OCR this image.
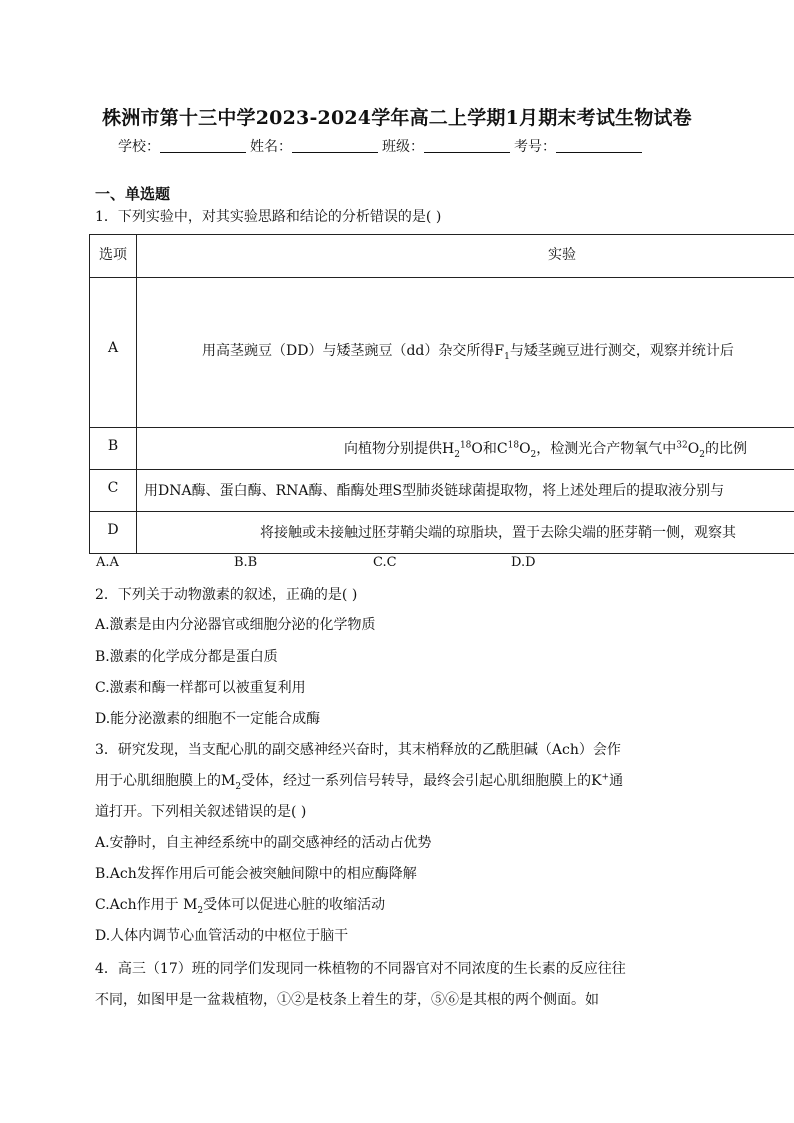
株洲市第十三中学2023-2024学年高二上学期1月期末考试生物试卷
学校：	姓名：	班级：	考号：
一、单选题
1．下列实验中，对其实验思路和结论的分析错误的是( )
选项	实验
A	用高茎豌豆（DD）与矮茎豌豆（dd）杂交所得$F_1$与矮茎豌豆进行测交，观察并统计后
B	向植物分别提供$H_2^{18}O$和$C^{18}O_2$，检测光合产物氧气中$^{32}O_2$的比例
C	用DNA酶、蛋白酶、RNA酶、酯酶处理S型肺炎链球菌提取物，将上述处理后的提取液分别与
D	将接触或未接触过胚芽鞘尖端的琼脂块，置于去除尖端的胚芽鞘一侧，观察其
A.A	B.B	C.C	D.D
2．下列关于动物激素的叙述，正确的是( )
A.激素是由内分泌器官或细胞分泌的化学物质
B.激素的化学成分都是蛋白质
C.激素和酶一样都可以被重复利用
D.能分泌激素的细胞不一定能合成酶
3．研究发现，当支配心肌的副交感神经兴奋时，其末梢释放的乙酰胆碱（Ach）会作
用于心肌细胞膜上的$M_2$受体，经过一系列信号转导，最终会引起心肌细胞膜上的K+通
道打开。下列相关叙述错误的是( )
A.安静时，自主神经系统中的副交感神经的活动占优势
B.Ach发挥作用后可能会被突触间隙中的相应酶降解
C.Ach作用于 $M_2$受体可以促进心脏的收缩活动
D.人体内调节心血管活动的中枢位于脑干
4．高三（17）班的同学们发现同一株植物的不同器官对不同浓度的生长素的反应往往
不同，如图甲是一盆栽植物，①②是枝条上着生的芽，⑤⑥是其根的两个侧面。如
